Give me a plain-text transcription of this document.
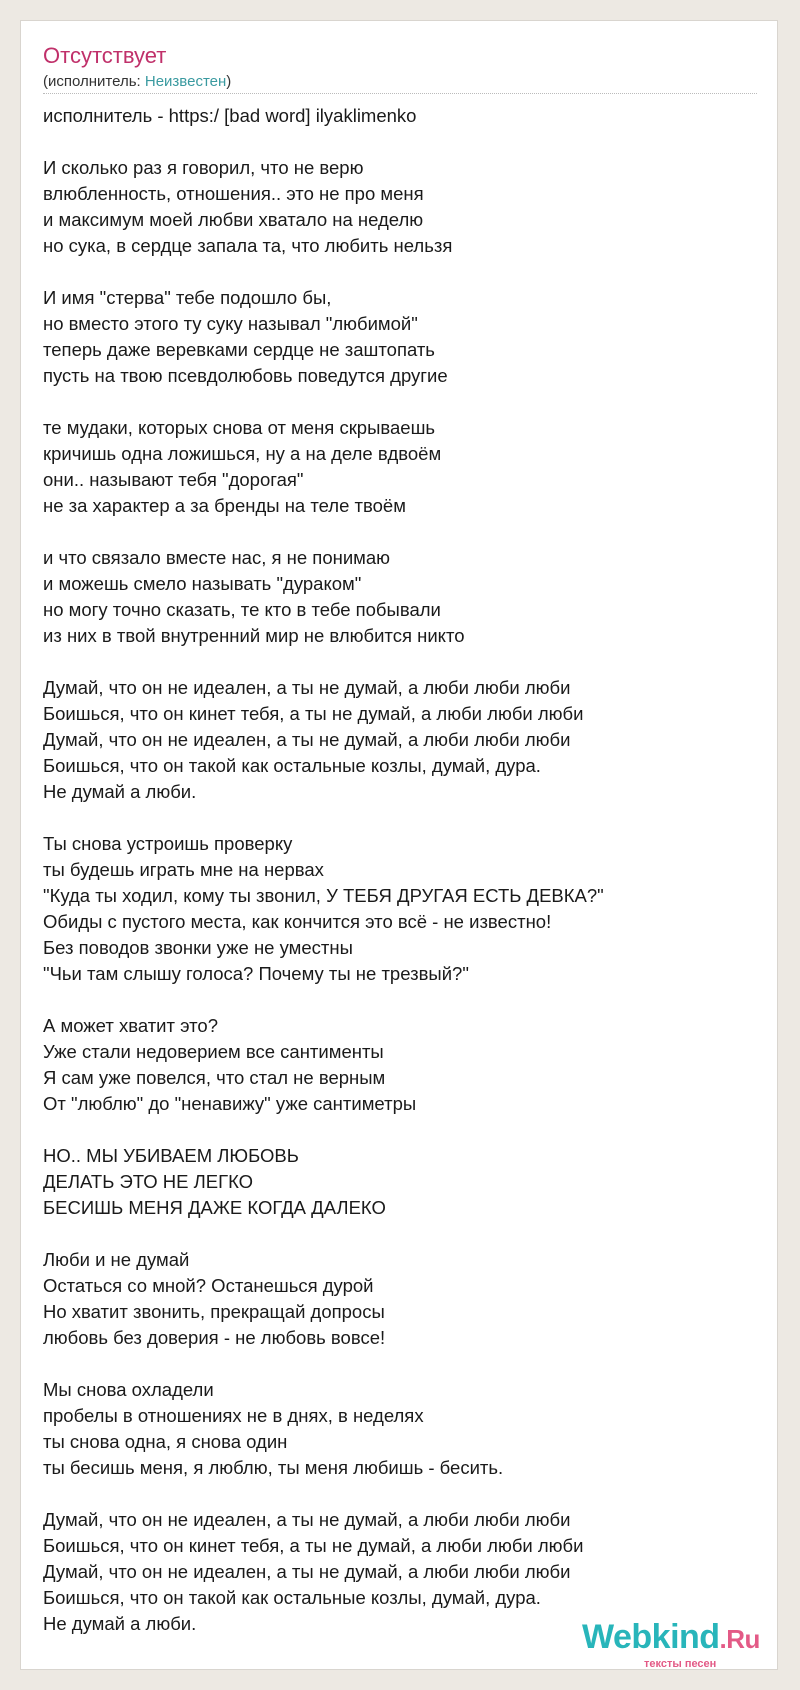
Отсутствует
(исполнитель: Неизвестен)
исполнитель - https:/ [bad word] ilyaklimenko
И сколько раз я говорил, что не верю
влюбленность, отношения.. это не про меня
и максимум моей любви хватало на неделю
но сука, в сердце запала та, что любить нельзя
И имя "стерва" тебе подошло бы,
но вместо этого ту суку называл "любимой"
теперь даже веревками сердце не заштопать
пусть на твою псевдолюбовь поведутся другие
те мудаки, которых снова от меня скрываешь
кричишь одна ложишься, ну а на деле вдвоём
они.. называют тебя "дорогая"
не за характер а за бренды на теле твоём
и что связало вместе нас, я не понимаю
и можешь смело называть "дураком"
но могу точно сказать, те кто в тебе побывали
из них в твой внутренний мир не влюбится никто
Думай, что он не идеален, а ты не думай, а люби люби люби
Боишься, что он кинет тебя, а ты не думай, а люби люби люби
Думай, что он не идеален, а ты не думай, а люби люби люби
Боишься, что он такой как остальные козлы, думай, дура.
Не думай а люби.
Ты снова устроишь проверку
ты будешь играть мне на нервах
"Куда ты ходил, кому ты звонил, У ТЕБЯ ДРУГАЯ ЕСТЬ ДЕВКА?"
Обиды с пустого места, как кончится это всё - не известно!
Без поводов звонки уже не уместны
"Чьи там слышу голоса? Почему ты не трезвый?"
А может хватит это?
Уже стали недоверием все сантименты
Я сам уже повелся, что стал не верным
От "люблю" до "ненавижу" уже сантиметры
НО.. МЫ УБИВАЕМ ЛЮБОВЬ
ДЕЛАТЬ ЭТО НЕ ЛЕГКО
БЕСИШЬ МЕНЯ ДАЖЕ КОГДА ДАЛЕКО
Люби и не думай
Остаться со мной? Останешься дурой
Но хватит звонить, прекращай допросы
любовь без доверия - не любовь вовсе!
Мы снова охладели
пробелы в отношениях не в днях, в неделях
ты снова одна, я снова один
ты бесишь меня, я люблю, ты меня любишь - бесить.
Думай, что он не идеален, а ты не думай, а люби люби люби
Боишься, что он кинет тебя, а ты не думай, а люби люби люби
Думай, что он не идеален, а ты не думай, а люби люби люби
Боишься, что он такой как остальные козлы, думай, дура.
Не думай а люби.	Webkind.Ru
тексты песен
